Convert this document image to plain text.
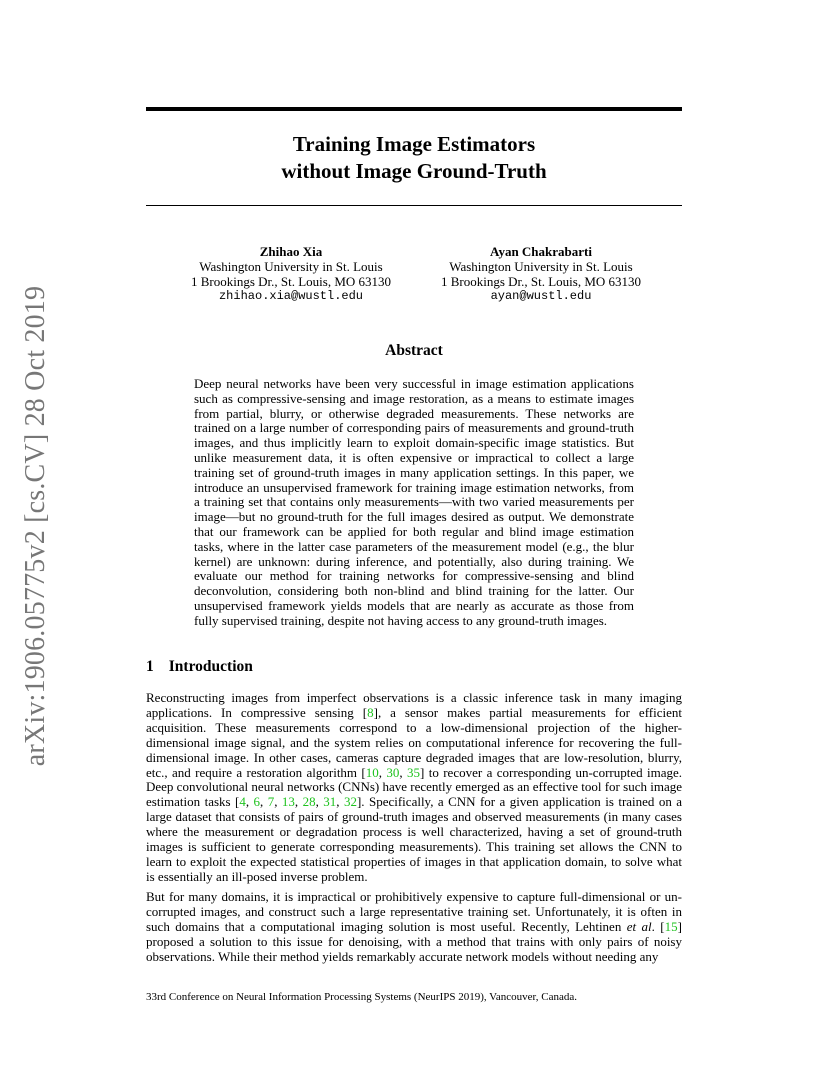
arXiv:1906.05775v2 [cs.CV] 28 Oct 2019
Training Image Estimators
without Image Ground-Truth
Zhihao Xia
Washington University in St. Louis
1 Brookings Dr., St. Louis, MO 63130
zhihao.xia@wustl.edu
Ayan Chakrabarti
Washington University in St. Louis
1 Brookings Dr., St. Louis, MO 63130
ayan@wustl.edu
Abstract
Deep neural networks have been very successful in image estimation applications such as compressive-sensing and image restoration, as a means to estimate images from partial, blurry, or otherwise degraded measurements. These networks are trained on a large number of corresponding pairs of measurements and ground-truth images, and thus implicitly learn to exploit domain-specific image statistics. But unlike measurement data, it is often expensive or impractical to collect a large training set of ground-truth images in many application settings. In this paper, we introduce an unsupervised framework for training image estimation networks, from a training set that contains only measurements—with two varied measurements per image—but no ground-truth for the full images desired as output. We demonstrate that our framework can be applied for both regular and blind image estimation tasks, where in the latter case parameters of the measurement model (e.g., the blur kernel) are unknown: during inference, and potentially, also during training. We evaluate our method for training networks for compressive-sensing and blind deconvolution, considering both non-blind and blind training for the latter. Our unsupervised framework yields models that are nearly as accurate as those from fully supervised training, despite not having access to any ground-truth images.
1 Introduction
Reconstructing images from imperfect observations is a classic inference task in many imaging applications. In compressive sensing [8], a sensor makes partial measurements for efficient acquisition. These measurements correspond to a low-dimensional projection of the higher-dimensional image signal, and the system relies on computational inference for recovering the full-dimensional image. In other cases, cameras capture degraded images that are low-resolution, blurry, etc., and require a restoration algorithm [10, 30, 35] to recover a corresponding un-corrupted image. Deep convolutional neural networks (CNNs) have recently emerged as an effective tool for such image estimation tasks [4, 6, 7, 13, 28, 31, 32]. Specifically, a CNN for a given application is trained on a large dataset that consists of pairs of ground-truth images and observed measurements (in many cases where the measurement or degradation process is well characterized, having a set of ground-truth images is sufficient to generate corresponding measurements). This training set allows the CNN to learn to exploit the expected statistical properties of images in that application domain, to solve what is essentially an ill-posed inverse problem.
But for many domains, it is impractical or prohibitively expensive to capture full-dimensional or un-corrupted images, and construct such a large representative training set. Unfortunately, it is often in such domains that a computational imaging solution is most useful. Recently, Lehtinen et al. [15] proposed a solution to this issue for denoising, with a method that trains with only pairs of noisy observations. While their method yields remarkably accurate network models without needing any
33rd Conference on Neural Information Processing Systems (NeurIPS 2019), Vancouver, Canada.
